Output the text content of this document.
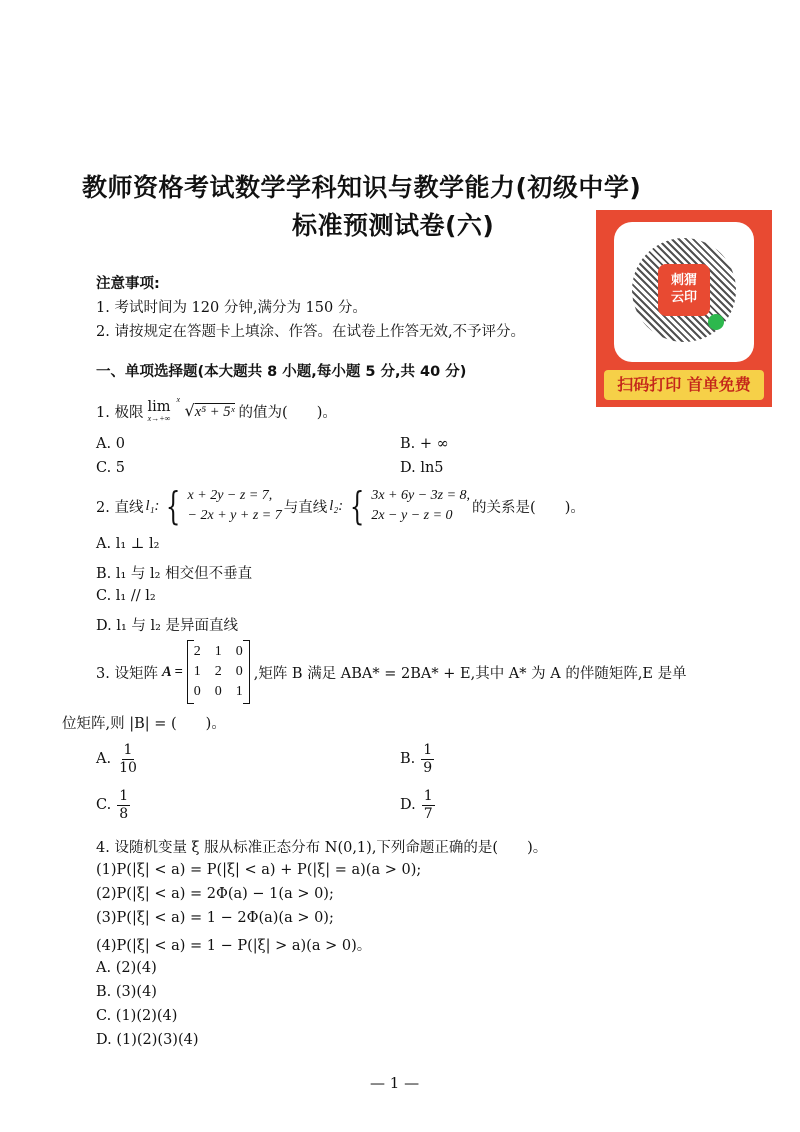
教师资格考试数学学科知识与教学能力(初级中学)
标准预测试卷(六)
刺猬
云印
扫码打印 首单免费
注意事项:
1. 考试时间为 120 分钟,满分为 150 分。
2. 请按规定在答题卡上填涂、作答。在试卷上作答无效,不予评分。
一、单项选择题(本大题共 8 小题,每小题 5 分,共 40 分)
1. 极限 lim
x→+∞
x
√x⁵ + 5ˣ 的值为(　　)。
A. 0	B. + ∞
C. 5	D. ln5
2. 直线 l₁: { x + 2y − z = 7,
− 2x + y + z = 7 与直线 l₂: { 3x + 6y − 3z = 8,
2x − y − z = 0	的关系是(　　)。
A. l₁ ⊥ l₂
B. l₁ 与 l₂ 相交但不垂直
C. l₁ // l₂
D. l₁ 与 l₂ 是异面直线
3. 设矩阵 A =
2 1 0
1 2 0
0 0 1
,矩阵 B 满足 ABA* = 2BA* + E,其中 A* 为 A 的伴随矩阵,E 是单
位矩阵,则 |B| = (　　)。
A. $\frac{1}{10}$	B. $\frac{1}{9}$
C. $\frac{1}{8}$	D. $\frac{1}{7}$
4. 设随机变量 ξ 服从标准正态分布 N(0,1),下列命题正确的是(　　)。
(1)P(|ξ| < a) = P(|ξ| < a) + P(|ξ| = a)(a > 0);
(2)P(|ξ| < a) = 2Φ(a) − 1(a > 0);
(3)P(|ξ| < a) = 1 − 2Φ(a)(a > 0);
(4)P(|ξ| < a) = 1 − P(|ξ| > a)(a > 0)。
A. (2)(4)
B. (3)(4)
C. (1)(2)(4)
D. (1)(2)(3)(4)
— 1 —
